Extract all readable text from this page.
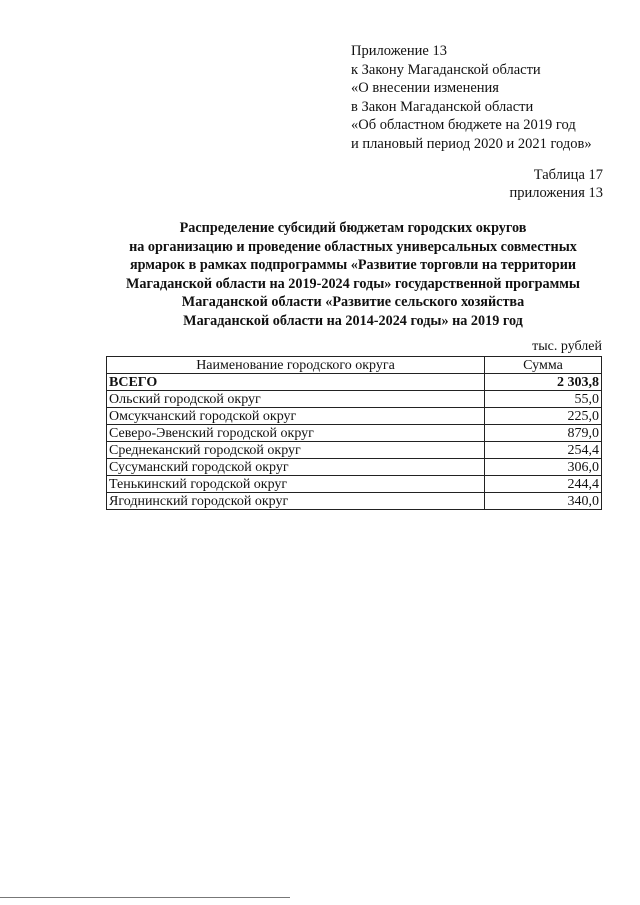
Приложение 13
к Закону Магаданской области
«О внесении изменения
в Закон Магаданской области
«Об областном бюджете на 2019 год
и плановый период 2020 и 2021 годов»
Таблица 17
приложения 13
Распределение субсидий бюджетам городских округов
на организацию и проведение областных универсальных совместных
ярмарок в рамках подпрограммы «Развитие торговли на территории
Магаданской области на 2019-2024 годы» государственной программы
Магаданской области «Развитие сельского хозяйства
Магаданской области на 2014-2024 годы» на 2019 год
тыс. рублей
Наименование городского округа	Сумма
ВСЕГО	2 303,8
Ольский городской округ	55,0
Омсукчанский городской округ	225,0
Северо-Эвенский городской округ	879,0
Среднеканский городской округ	254,4
Сусуманский городской округ	306,0
Тенькинский городской округ	244,4
Ягоднинский городской округ	340,0
